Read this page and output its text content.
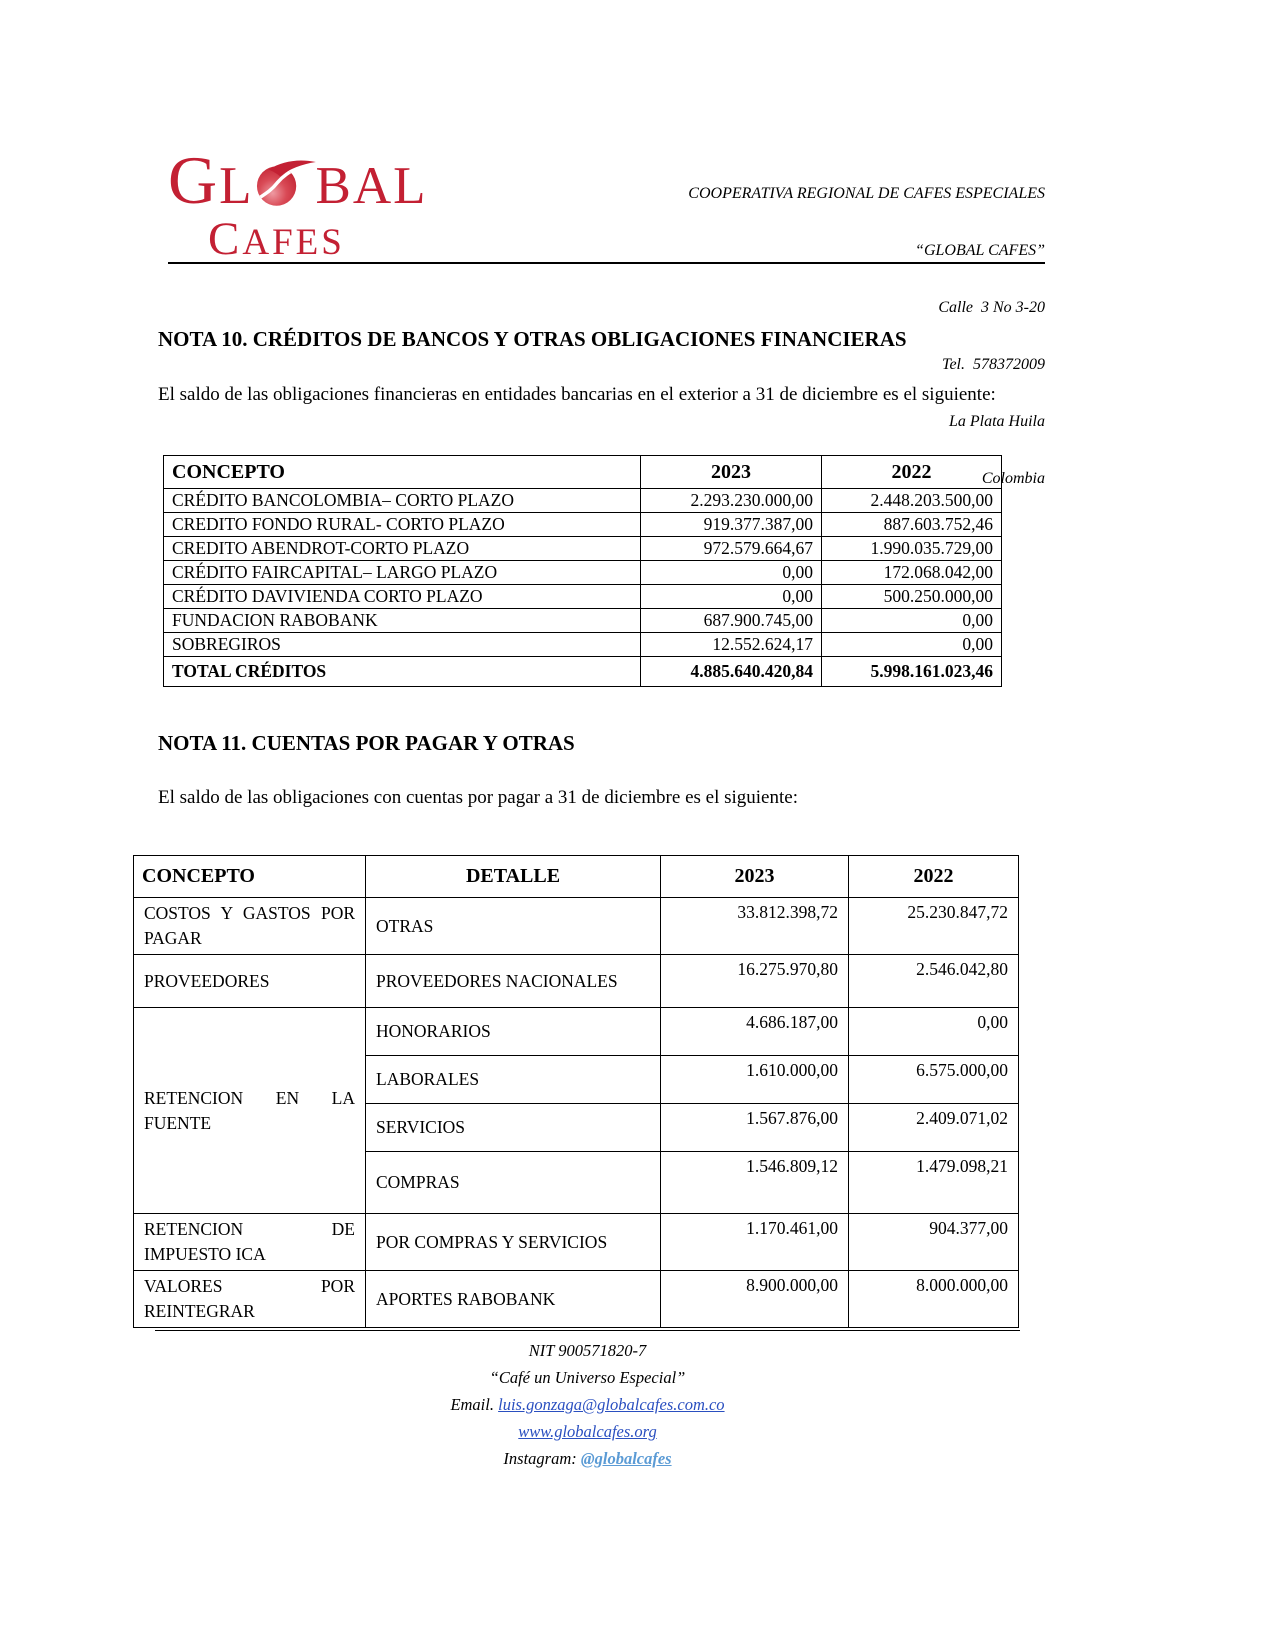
GL BAL
CAFES

COOPERATIVA REGIONAL DE CAFES ESPECIALES

“GLOBAL CAFES”

Calle  3 No 3-20

Tel.  578372009

La Plata Huila

Colombia

NOTA 10. CRÉDITOS DE BANCOS Y OTRAS OBLIGACIONES FINANCIERAS
El saldo de las obligaciones financieras en entidades bancarias en el exterior a 31 de diciembre es el siguiente:
CONCEPTO	2023	2022
CRÉDITO BANCOLOMBIA– CORTO PLAZO	2.293.230.000,00	2.448.203.500,00
CREDITO FONDO RURAL- CORTO PLAZO	919.377.387,00	887.603.752,46
CREDITO ABENDROT-CORTO PLAZO	972.579.664,67	1.990.035.729,00
CRÉDITO FAIRCAPITAL– LARGO PLAZO	0,00	172.068.042,00
CRÉDITO DAVIVIENDA CORTO PLAZO	0,00	500.250.000,00
FUNDACION RABOBANK	687.900.745,00	0,00
SOBREGIROS	12.552.624,17	0,00
TOTAL CRÉDITOS	4.885.640.420,84	5.998.161.023,46
NOTA 11. CUENTAS POR PAGAR Y OTRAS
El saldo de las obligaciones con cuentas por pagar a 31 de diciembre es el siguiente:
CONCEPTO	DETALLE	2023	2022
COSTOS Y GASTOS POR PAGAR	OTRAS	33.812.398,72	25.230.847,72
PROVEEDORES	PROVEEDORES NACIONALES	16.275.970,80	2.546.042,80
RETENCION EN LA FUENTE	HONORARIOS	4.686.187,00	0,00
	LABORALES	1.610.000,00	6.575.000,00
	SERVICIOS	1.567.876,00	2.409.071,02
	COMPRAS	1.546.809,12	1.479.098,21
RETENCION DE IMPUESTO ICA	POR COMPRAS Y SERVICIOS	1.170.461,00	904.377,00
VALORES POR REINTEGRAR	APORTES RABOBANK	8.900.000,00	8.000.000,00
NIT 900571820-7
“Café un Universo Especial”
Email. luis.gonzaga@globalcafes.com.co
www.globalcafes.org
Instagram: @globalcafes
